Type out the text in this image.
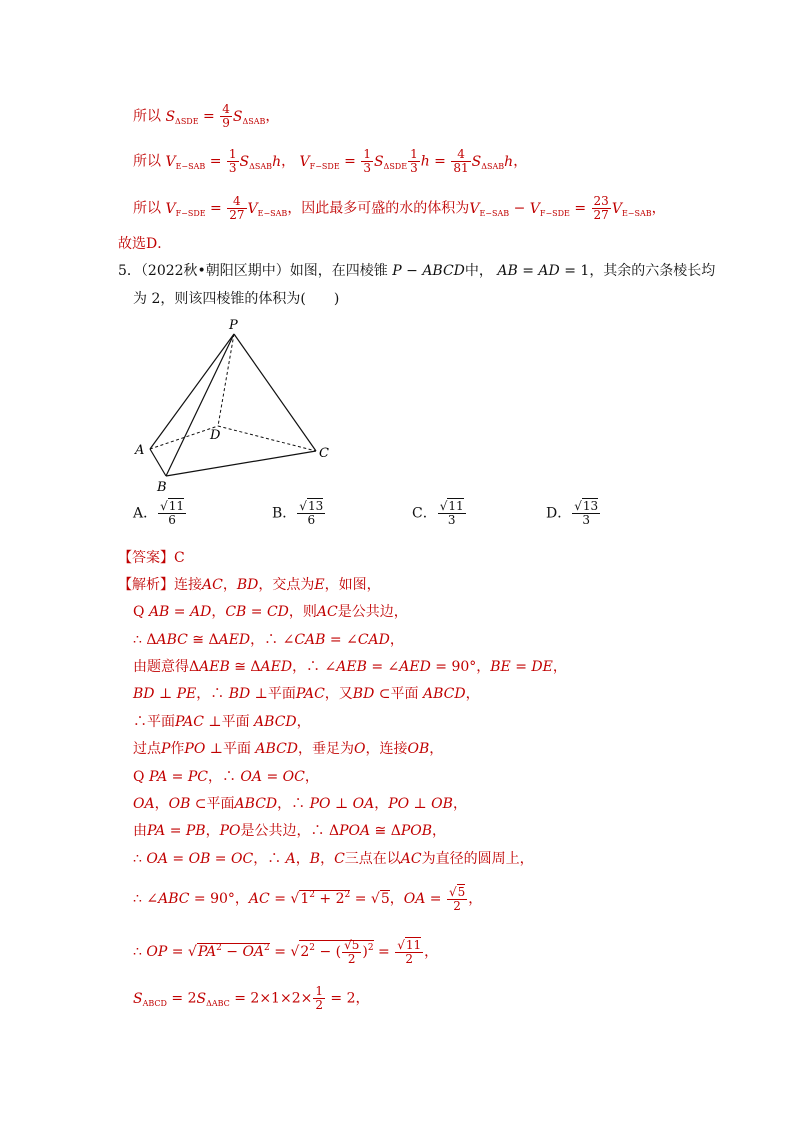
所以 $S_{\Delta SDE} = \frac{4}{9} S_{\Delta SAB}$，
所以 $V_{E-SAB} = \frac{1}{3} S_{\Delta SAB}h$， $V_{F-SDE} = \frac{1}{3} S_{\Delta SDE} \frac{1}{3}$ $h = \frac{4}{81} S_{\Delta SAB}h$，
所以 $V_{F-SDE} = \frac{4}{27} V_{E-SAB}$，因此最多可盛的水的体积为$V_{E-SAB} - V_{F-SDE} = \frac{23}{27} V_{E-SAB}$，
故选D．
5．（2022秋•朝阳区期中）如图，在四棱锥 P − ABCD中， AB = AD = 1，其余的六条棱长均
为 2，则该四棱锥的体积为(　　)
P
A
B
C
D
A． $\frac{√11}{6}$	B． $\frac{√13}{6}$	C． $\frac{√11}{3}$	D． $\frac{√13}{3}$
【答案】C
【解析】连接AC，BD，交点为E，如图，
Q AB = AD，CB = CD，则AC是公共边，
∴ ΔABC ≅ ΔAED，∴ ∠CAB = ∠CAD，
由题意得ΔAEB ≅ ΔAED，∴ ∠AEB = ∠AED = 90°，BE = DE，
BD ⊥ PE，∴ BD ⊥平面PAC，又BD ⊂平面 ABCD，
∴平面PAC ⊥平面 ABCD，
过点P作PO ⊥平面 ABCD，垂足为O，连接OB，
Q PA = PC，∴ OA = OC，
OA，OB ⊂平面ABCD，∴ PO ⊥ OA，PO ⊥ OB，
由PA = PB，PO是公共边，∴ ΔPOA ≅ ΔPOB，
∴ OA = OB = OC，∴ A，B，C三点在以AC为直径的圆周上，
∴ ∠ABC = 90°，AC = $√1^2 + 2^2 = √5$，OA = $\frac{√5}{2}$ ，
∴ OP = $√PA^2 - OA^2 = √2^2$ − ( $\frac{√5}{2} )^2 = \frac{√11}{2}$ ，
$S_{ABCD} = 2S_{\Delta ABC} = 2\times 1\times 2\times \frac{1}{2} = 2$，
